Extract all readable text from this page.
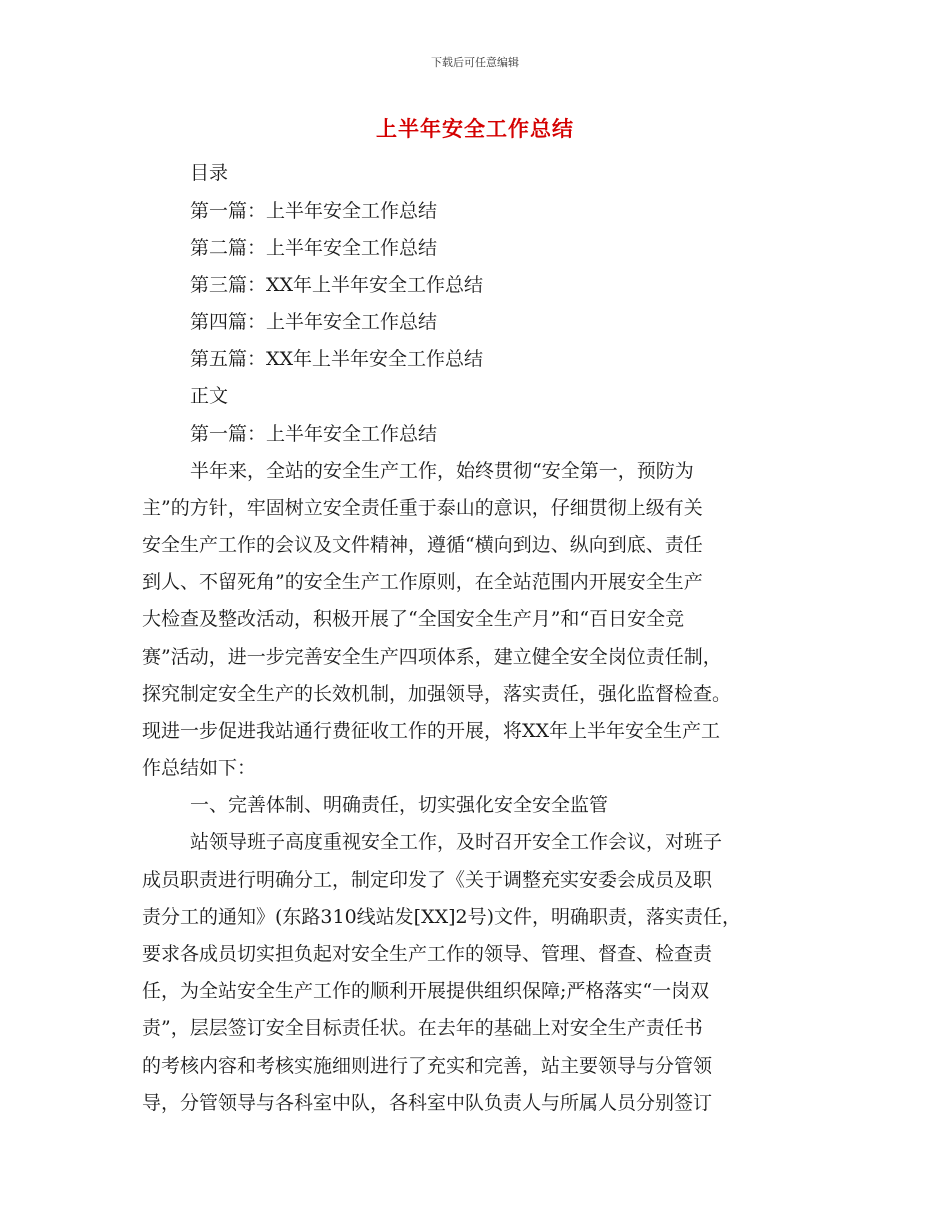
下载后可任意编辑
上半年安全工作总结
目录
第一篇：上半年安全工作总结
第二篇：上半年安全工作总结
第三篇：XX年上半年安全工作总结
第四篇：上半年安全工作总结
第五篇：XX年上半年安全工作总结
正文
第一篇：上半年安全工作总结
半年来，全站的安全生产工作，始终贯彻“安全第一，预防为
主”的方针，牢固树立安全责任重于泰山的意识，仔细贯彻上级有关
安全生产工作的会议及文件精神，遵循“横向到边、纵向到底、责任
到人、不留死角”的安全生产工作原则，在全站范围内开展安全生产
大检查及整改活动，积极开展了“全国安全生产月”和“百日安全竞
赛”活动，进一步完善安全生产四项体系，建立健全安全岗位责任制，
探究制定安全生产的长效机制，加强领导，落实责任，强化监督检查。
现进一步促进我站通行费征收工作的开展，将XX年上半年安全生产工
作总结如下：
一、完善体制、明确责任，切实强化安全安全监管
站领导班子高度重视安全工作，及时召开安全工作会议，对班子
成员职责进行明确分工，制定印发了《关于调整充实安委会成员及职
责分工的通知》(东路310线站发[XX]2号)文件，明确职责，落实责任，
要求各成员切实担负起对安全生产工作的领导、管理、督查、检查责
任，为全站安全生产工作的顺利开展提供组织保障;严格落实“一岗双
责”，层层签订安全目标责任状。在去年的基础上对安全生产责任书
的考核内容和考核实施细则进行了充实和完善，站主要领导与分管领
导，分管领导与各科室中队，各科室中队负责人与所属人员分别签订
